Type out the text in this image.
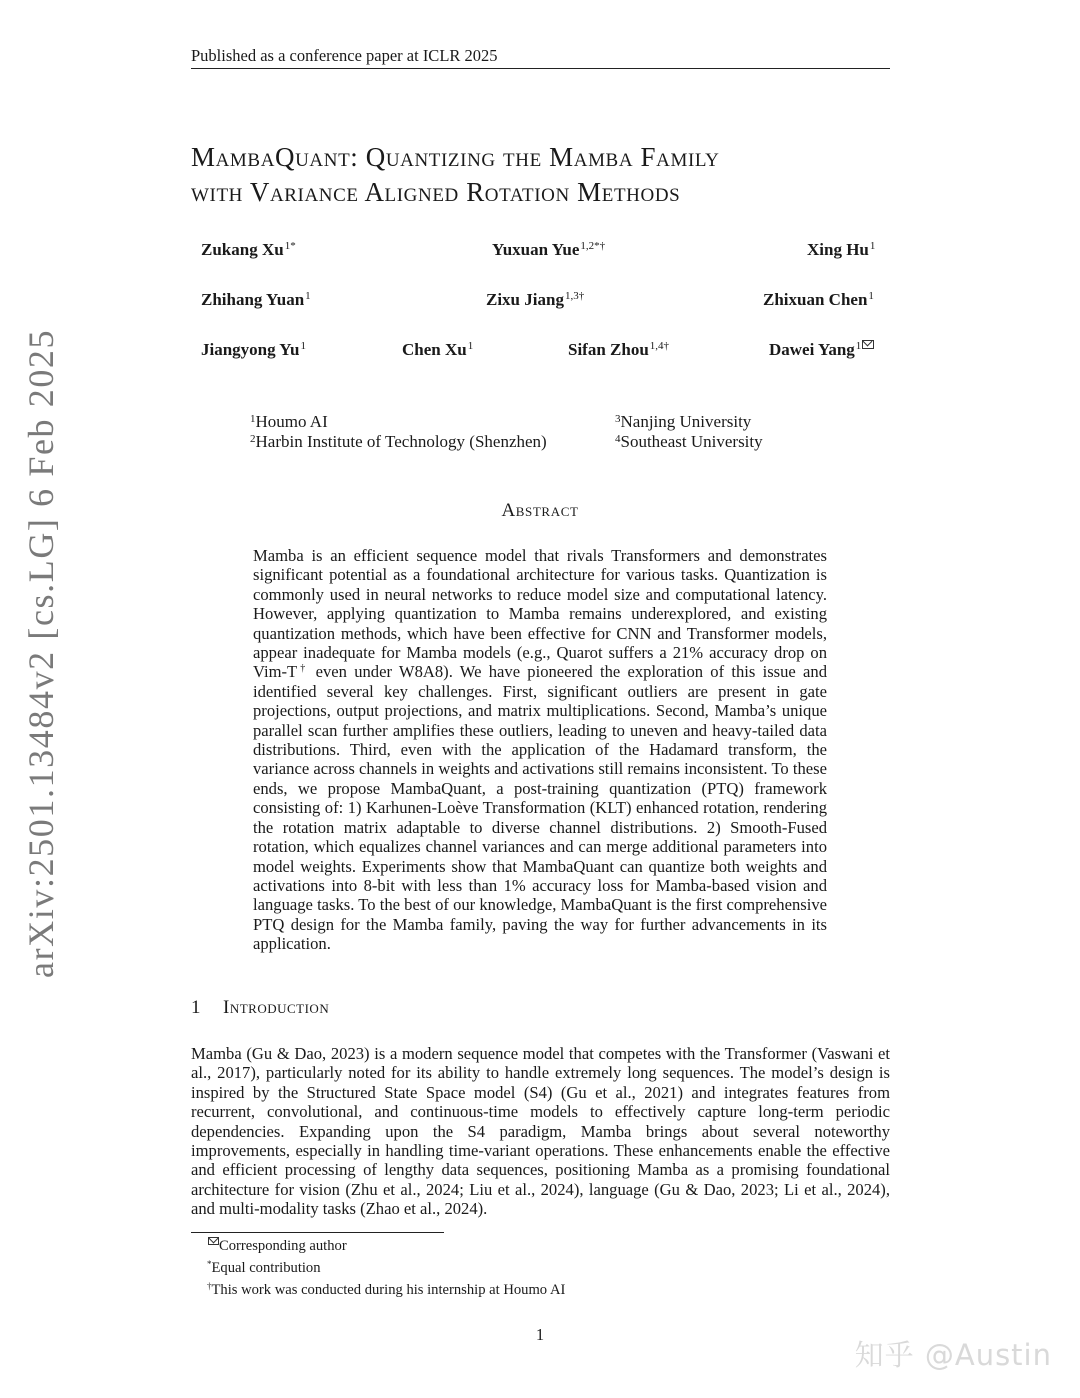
Published as a conference paper at ICLR 2025
MambaQuant: Quantizing the Mamba Family
with Variance Aligned Rotation Methods
Zukang $Xu^{1*}$	Yuxuan Yue$^{1,2*\dagger}$	Xing Hu$^1$
Zhihang Yuan$^1$	Zixu Jiang$^{1,3\dagger}$	Zhixuan Chen$^1$
Jiangyong Yu$^1$	Chen Xu$^1$	Sifan Zhou$^{1,4\dagger}$	Dawei Yang$^1$
$^1$Houmo AI
$^2$Harbin Institute of Technology (Shenzhen)
$^3$Nanjing University
$^4$Southeast University
Abstract
Mamba is an efficient sequence model that rivals Transformers and demonstrates significant potential as a foundational architecture for various tasks. Quantization is commonly used in neural networks to reduce model size and computational latency. However, applying quantization to Mamba remains underexplored, and existing quantization methods, which have been effective for CNN and Transformer models, appear inadequate for Mamba models (e.g., Quarot suffers a 21% accuracy drop on Vim-T† even under W8A8). We have pioneered the exploration of this issue and identified several key challenges. First, significant outliers are present in gate projections, output projections, and matrix multiplications. Second, Mamba’s unique parallel scan further amplifies these outliers, leading to uneven and heavy-tailed data distributions. Third, even with the application of the Hadamard transform, the variance across channels in weights and activations still remains inconsistent. To these ends, we propose MambaQuant, a post-training quantization (PTQ) framework consisting of: 1) Karhunen-Loève Transformation (KLT) enhanced rotation, rendering the rotation matrix adaptable to diverse channel distributions. 2) Smooth-Fused rotation, which equalizes channel variances and can merge additional parameters into model weights. Experiments show that MambaQuant can quantize both weights and activations into 8-bit with less than 1% accuracy loss for Mamba-based vision and language tasks. To the best of our knowledge, MambaQuant is the first comprehensive PTQ design for the Mamba family, paving the way for further advancements in its application.
1 Introduction
Mamba (Gu & Dao, 2023) is a modern sequence model that competes with the Transformer (Vaswani et al., 2017), particularly noted for its ability to handle extremely long sequences. The model’s design is inspired by the Structured State Space model (S4) (Gu et al., 2021) and integrates features from recurrent, convolutional, and continuous-time models to effectively capture long-term periodic dependencies. Expanding upon the S4 paradigm, Mamba brings about several noteworthy improvements, especially in handling time-variant operations. These enhancements enable the effective and efficient processing of lengthy data sequences, positioning Mamba as a promising foundational architecture for vision (Zhu et al., 2024; Liu et al., 2024), language (Gu & Dao, 2023; Li et al., 2024), and multi-modality tasks (Zhao et al., 2024).
Corresponding author
*Equal contribution
†This work was conducted during his internship at Houmo AI
1
arXiv:2501.13484v2 [cs.LG] 6 Feb 2025
知乎 @Austin
